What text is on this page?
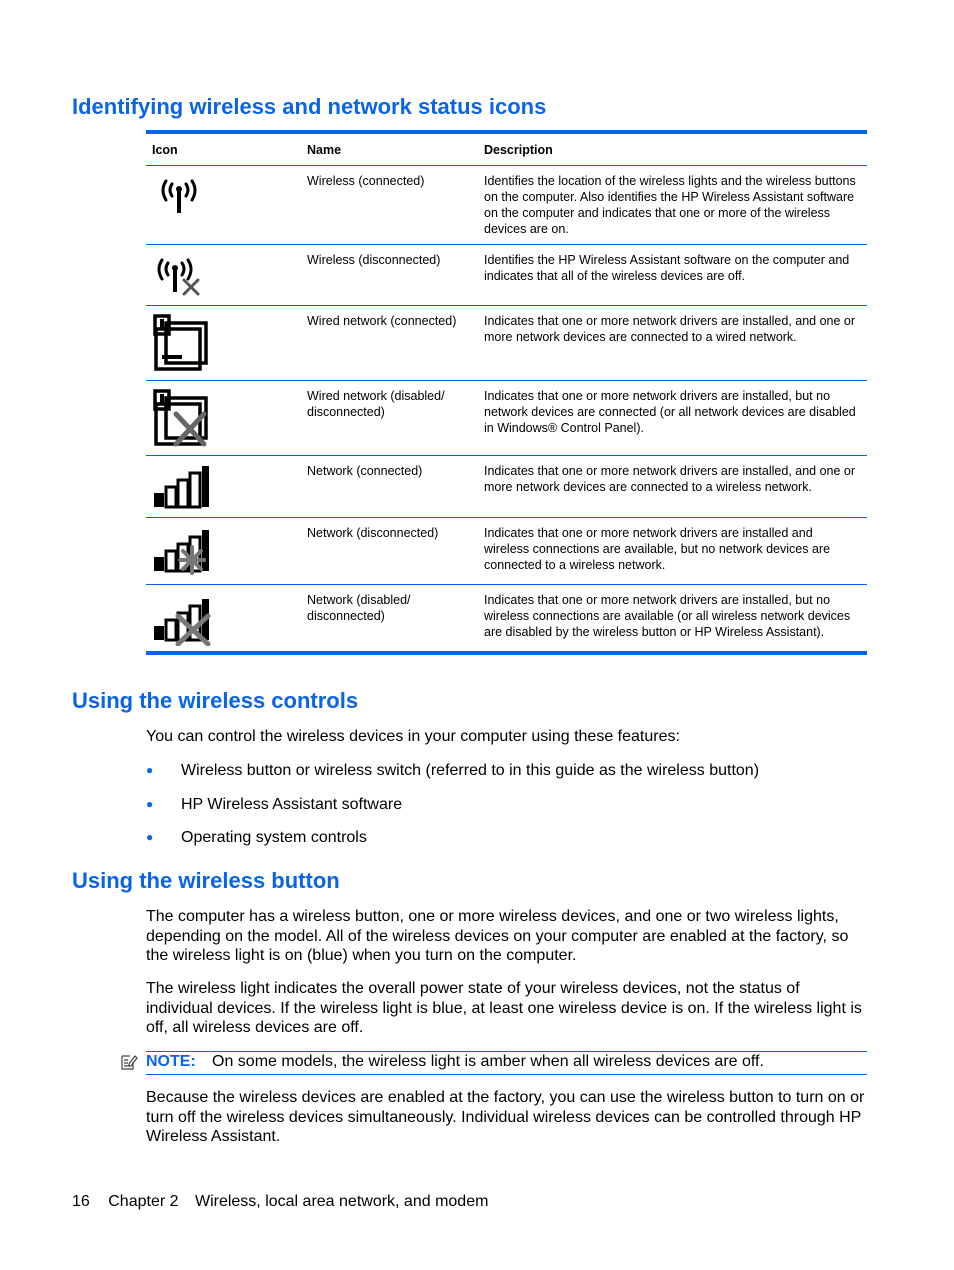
Identifying wireless and network status icons
Icon	Name	Description

	Wireless (connected)	Identifies the location of the wireless lights and the wireless buttons on the computer. Also identifies the HP Wireless Assistant software on the computer and indicates that one or more of the wireless devices are on.

	Wireless (disconnected)	Identifies the HP Wireless Assistant software on the computer and indicates that all of the wireless devices are off.

	Wired network (connected)	Indicates that one or more network drivers are installed, and one or more network devices are connected to a wired network.

	Wired network (disabled/ disconnected)	Indicates that one or more network drivers are installed, but no network devices are connected (or all network devices are disabled in Windows® Control Panel).

	Network (connected)	Indicates that one or more network drivers are installed, and one or more network devices are connected to a wireless network.

	Network (disconnected)	Indicates that one or more network drivers are installed and wireless connections are available, but no network devices are connected to a wireless network.

	Network (disabled/ disconnected)	Indicates that one or more network drivers are installed, but no wireless connections are available (or all wireless network devices are disabled by the wireless button or HP Wireless Assistant).
Using the wireless controls

You can control the wireless devices in your computer using these features:

● Wireless button or wireless switch (referred to in this guide as the wireless button)
● HP Wireless Assistant software
● Operating system controls
Using the wireless button

The computer has a wireless button, one or more wireless devices, and one or two wireless lights, depending on the model. All of the wireless devices on your computer are enabled at the factory, so the wireless light is on (blue) when you turn on the computer.

The wireless light indicates the overall power state of your wireless devices, not the status of individual devices. If the wireless light is blue, at least one wireless device is on. If the wireless light is off, all wireless devices are off.

NOTE: On some models, the wireless light is amber when all wireless devices are off.

Because the wireless devices are enabled at the factory, you can use the wireless button to turn on or turn off the wireless devices simultaneously. Individual wireless devices can be controlled through HP Wireless Assistant.

16 Chapter 2 Wireless, local area network, and modem
